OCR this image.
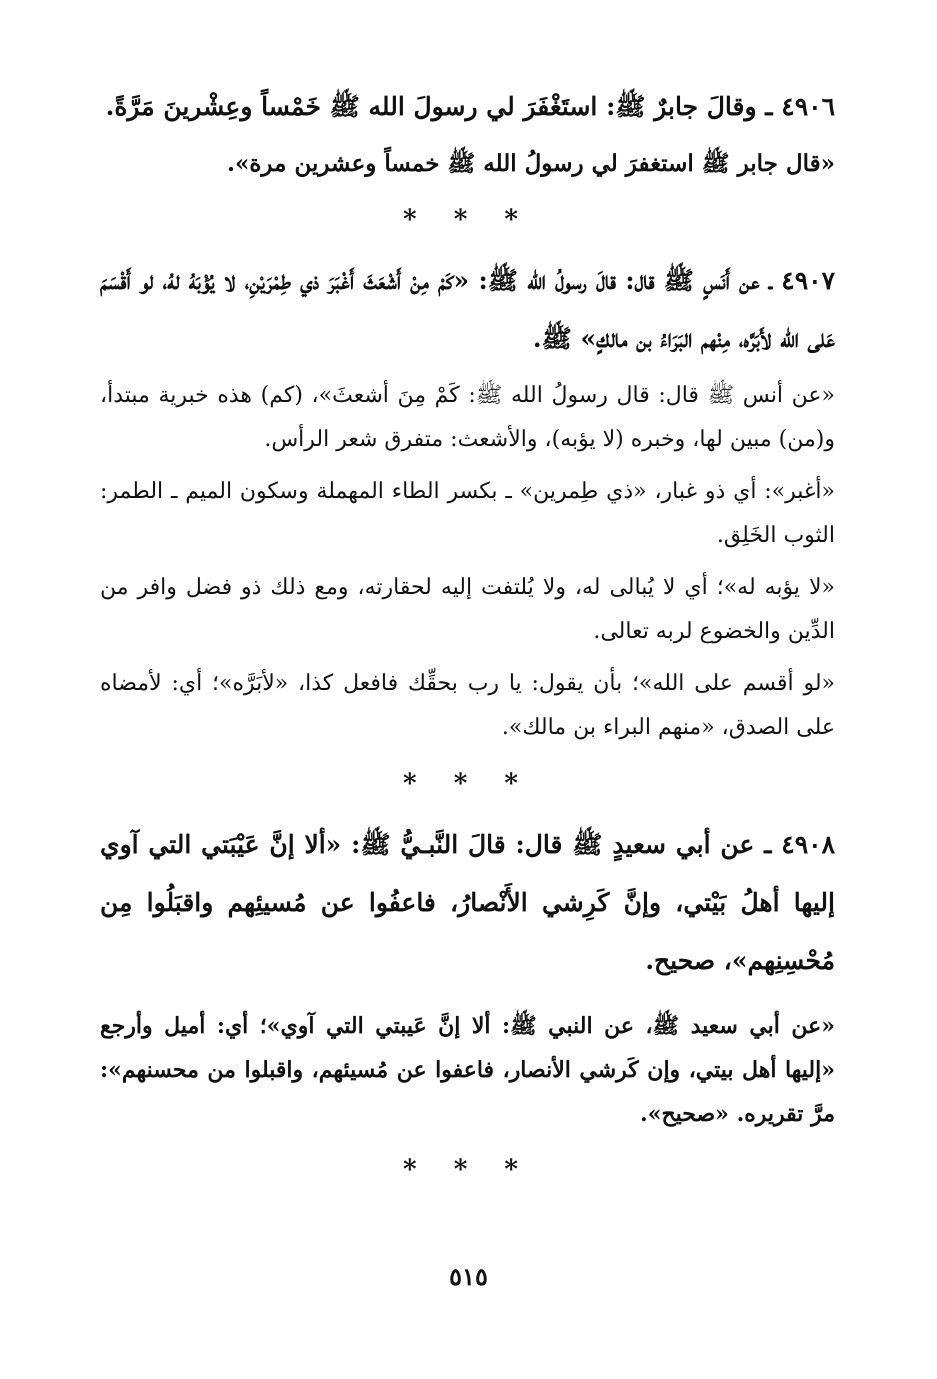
٤٩٠٦ ـ وقالَ جابرٌ ﷺ: استَغْفَرَ لي رسولَ الله ﷺ خَمْساً وعِشْرينَ مَرَّةً.

«قال جابر ﷺ استغفرَ لي رسولُ الله ﷺ خمساً وعشرين مرة».

* * *

٤٩٠٧ ـ عن أَنَسٍ ﷺ قال: قالَ رسولُ الله ﷺ: «كَمْ مِنْ أَشْعَثَ أَغْبَرَ ذي طِمْرَيْنِ، لا يُؤْبَهُ لهُ، لو أَقْسَمَ عَلى الله لأَبَرَّه، مِنْهم البَرَاءُ بن مالكٍ» ﷺ.

«عن أنس ﷺ قال: قال رسولُ الله ﷺ: كَمْ مِنَ أشعثَ»، (كم) هذه خبرية مبتدأ، و(من) مبين لها، وخبره (لا يؤبه)، والأشعث: متفرق شعر الرأس.

«أغبر»: أي ذو غبار، «ذي طِمرين» ـ بكسر الطاء المهملة وسكون الميم ـ الطمر: الثوب الخَلِق.

«لا يؤبه له»؛ أي لا يُبالى له، ولا يُلتفت إليه لحقارته، ومع ذلك ذو فضل وافر من الدِّين والخضوع لربه تعالى.

«لو أقسم على الله»؛ بأن يقول: يا رب بحقِّك فافعل كذا، «لأبَرَّه»؛ أي: لأمضاه على الصدق، «منهم البراء بن مالك».

* * *

٤٩٠٨ ـ عن أبي سعيدٍ ﷺ قال: قالَ النَّبـيُّ ﷺ: «ألا إنَّ عَيْبَتي التي آوي إليها أهلُ بَيْتي، وإنَّ كَرِشي الأَنْصارُ، فاعفُوا عن مُسيئِهم واقبَلُوا مِن مُحْسِنِهم»، صحيح.

«عن أبي سعيد ﷺ، عن النبي ﷺ: ألا إنَّ عَيبتي التي آوي»؛ أي: أميل وأرجع «إليها أهل بيتي، وإن كَرشي الأنصار، فاعفوا عن مُسيئهم، واقبلوا من محسنهم»: مرَّ تقريره. «صحيح».

* * *
٥١٥
